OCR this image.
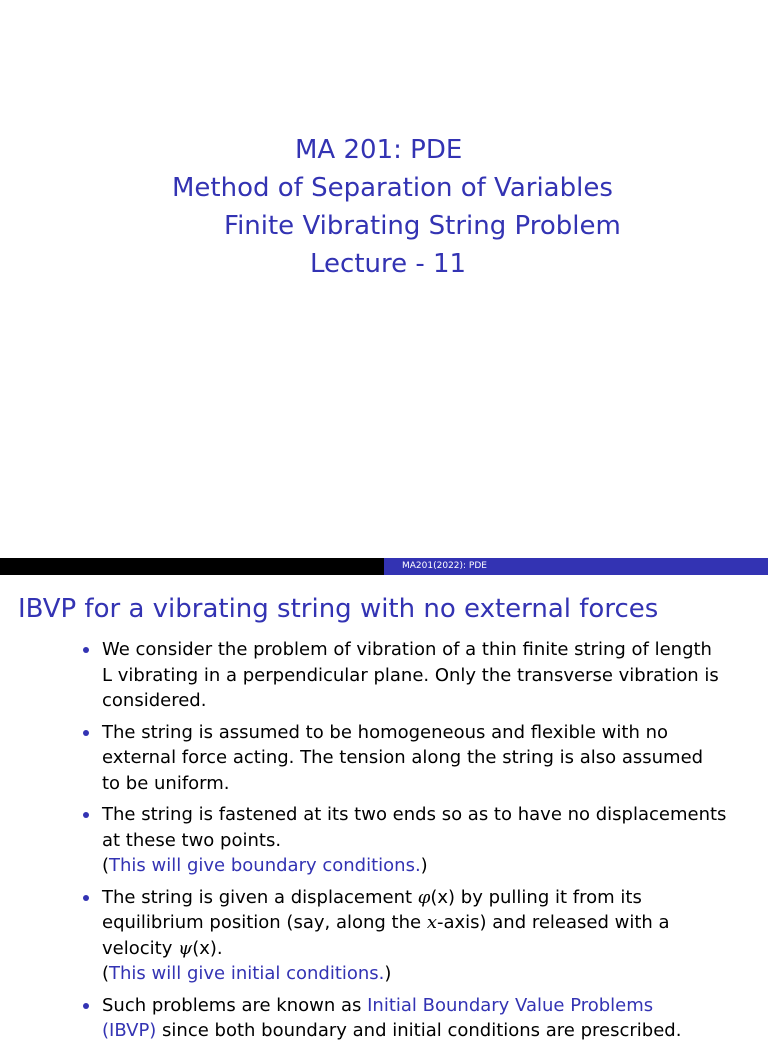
MA 201: PDE
Method of Separation of Variables
Finite Vibrating String Problem
Lecture - 11
MA201(2022): PDE
IBVP for a vibrating string with no external forces
We consider the problem of vibration of a thin finite string of length
L vibrating in a perpendicular plane. Only the transverse vibration is
considered.
The string is assumed to be homogeneous and flexible with no
external force acting. The tension along the string is also assumed
to be uniform.
The string is fastened at its two ends so as to have no displacements
at these two points.
(This will give boundary conditions.)
The string is given a displacement φ(x) by pulling it from its
equilibrium position (say, along the x-axis) and released with a
velocity ψ(x).
(This will give initial conditions.)
Such problems are known as Initial Boundary Value Problems
(IBVP) since both boundary and initial conditions are prescribed.
